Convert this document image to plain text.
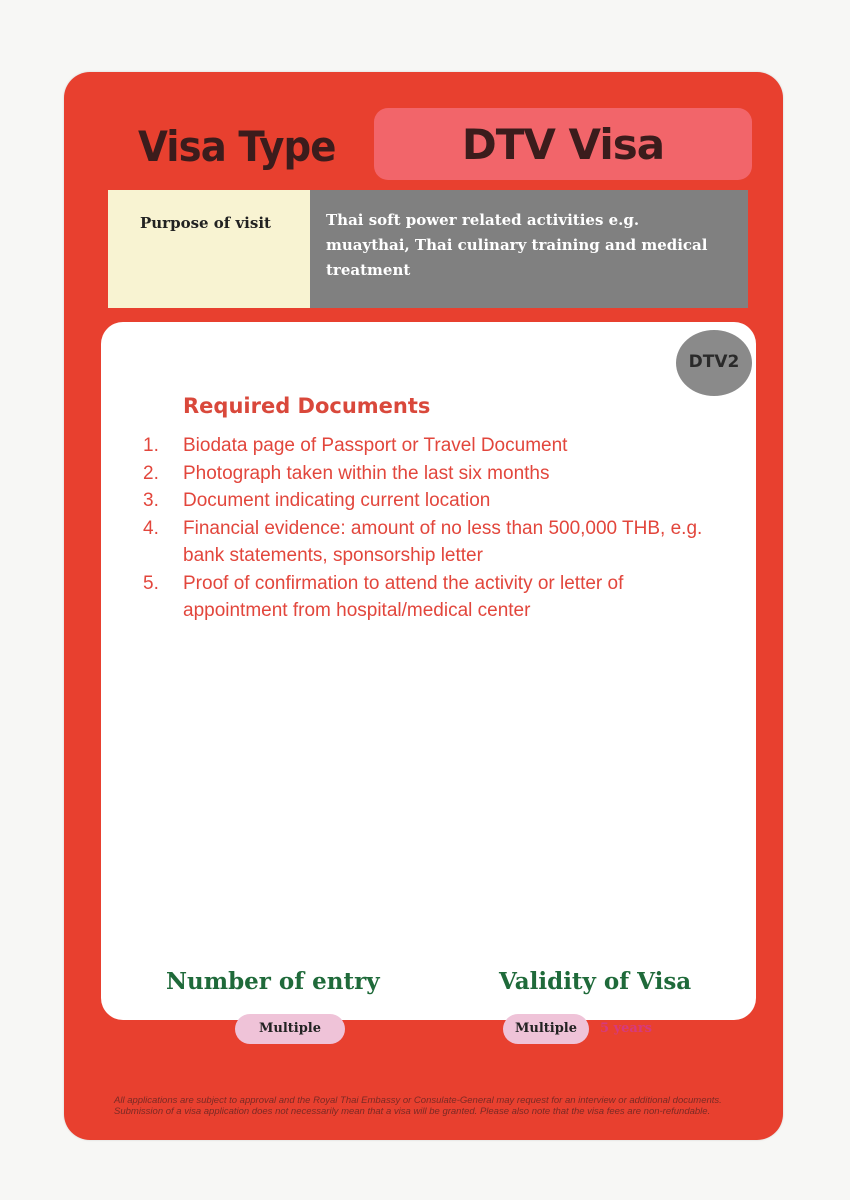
Visa Type	DTV Visa
Purpose of visit	Thai soft power related activities e.g. muaythai, Thai culinary training and medical treatment
DTV2
Required Documents
1. Biodata page of Passport or Travel Document
2. Photograph taken within the last six months
3. Document indicating current location
4. Financial evidence: amount of no less than 500,000 THB, e.g. bank statements, sponsorship letter
5. Proof of confirmation to attend the activity or letter of appointment from hospital/medical center
Number of entry
Multiple
Validity of Visa
Multiple	5 years
All applications are subject to approval and the Royal Thai Embassy or Consulate-General may request for an interview or additional documents. Submission of a visa application does not necessarily mean that a visa will be granted. Please also note that the visa fees are non-refundable.
